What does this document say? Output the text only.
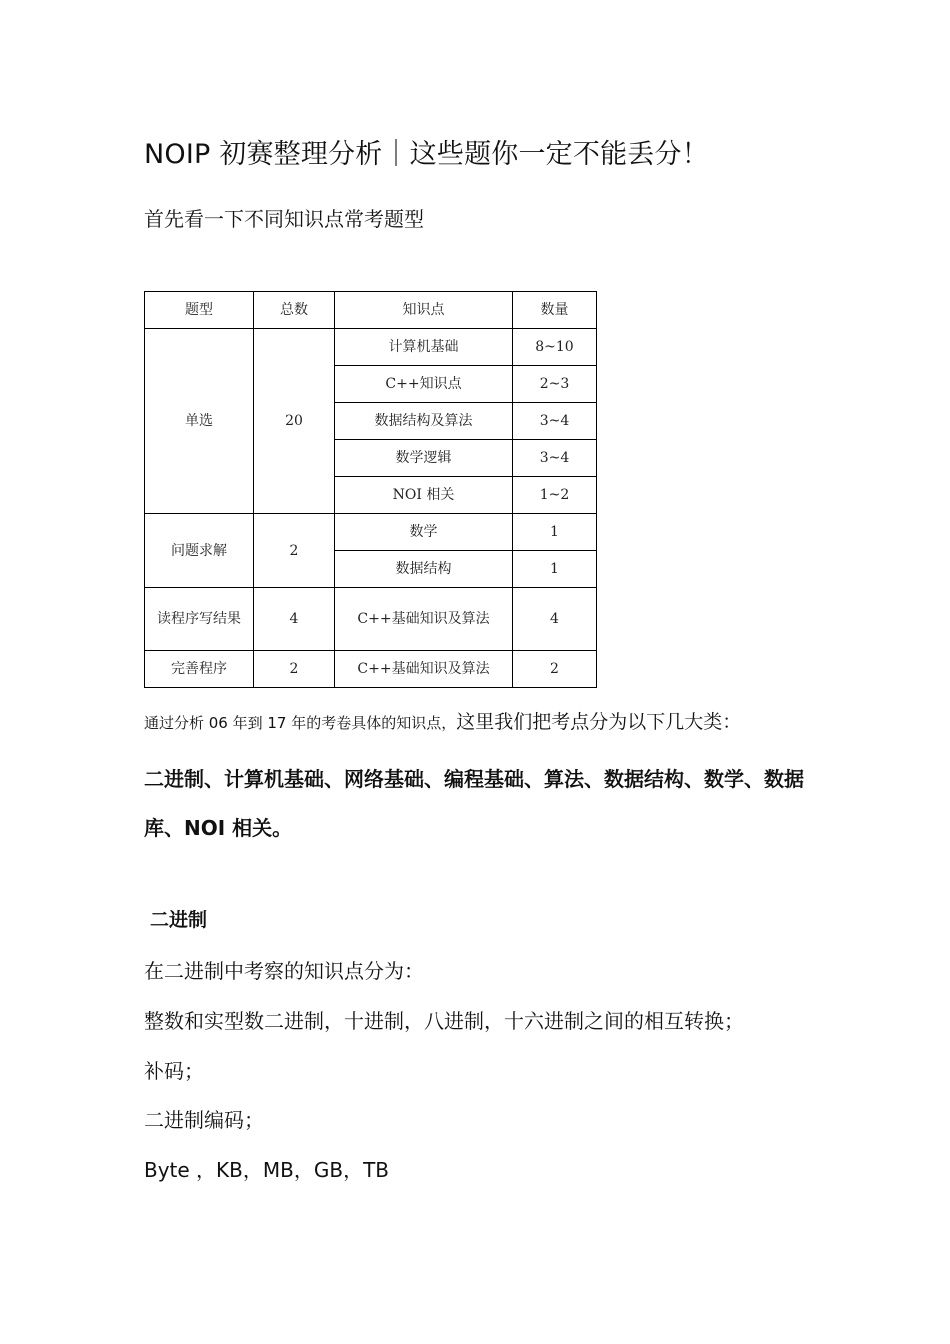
NOIP 初赛整理分析｜这些题你一定不能丢分！
首先看一下不同知识点常考题型
题型	总数	知识点	数量
单选	20	计算机基础	8~10
		C++知识点	2~3
		数据结构及算法	3~4
		数学逻辑	3~4
		NOI 相关	1~2
问题求解	2	数学	1
		数据结构	1
读程序写结果	4	C++基础知识及算法	4
完善程序	2	C++基础知识及算法	2
通过分析 06 年到 17 年的考卷具体的知识点，这里我们把考点分为以下几大类：
二进制、计算机基础、网络基础、编程基础、算法、数据结构、数学、数据库、NOI 相关。
二进制
在二进制中考察的知识点分为：
整数和实型数二进制，十进制，八进制，十六进制之间的相互转换；
补码；
二进制编码；
Byte ，KB，MB，GB，TB
